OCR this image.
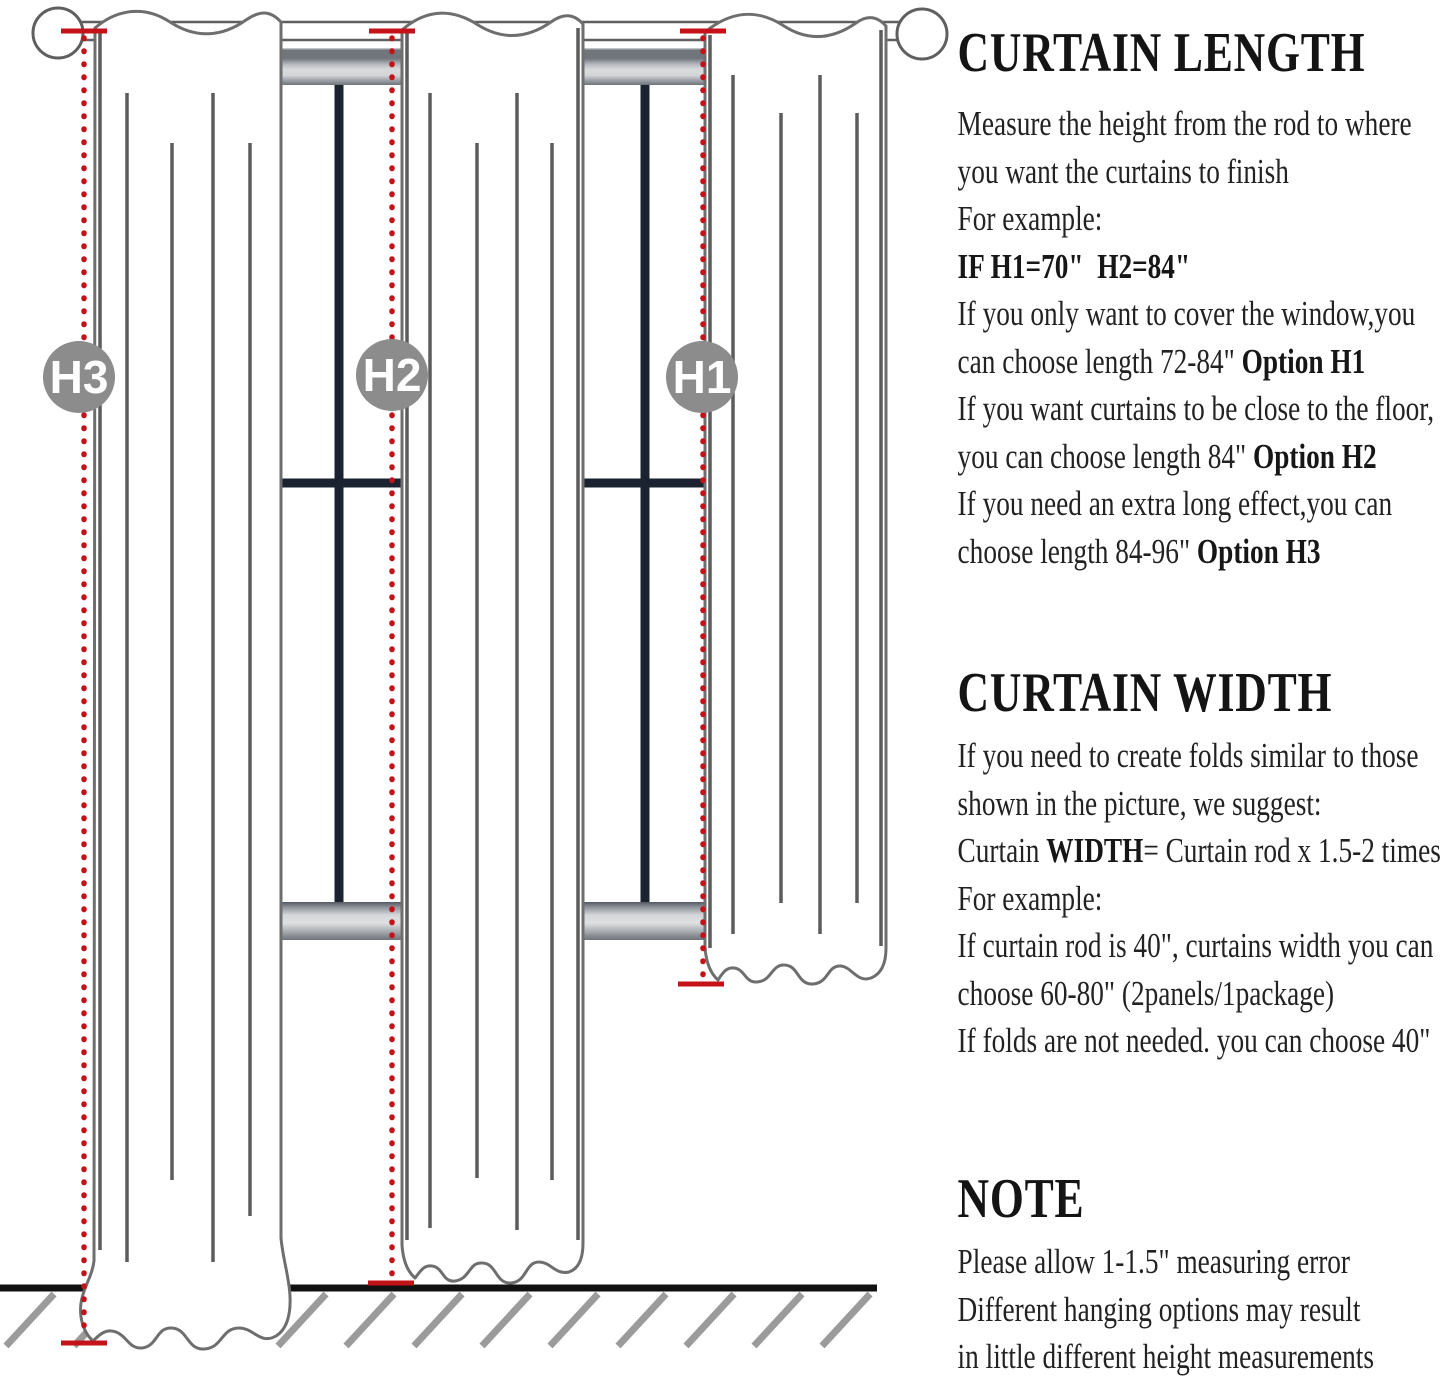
H3	H2	H1
CURTAIN LENGTH
Measure the height from the rod to where
you want the curtains to finish
For example:
IF H1=70"  H2=84"
If you only want to cover the window,you
can choose length 72-84" Option H1
If you want curtains to be close to the floor,
you can choose length 84" Option H2
If you need an extra long effect,you can
choose length 84-96" Option H3
CURTAIN WIDTH
If you need to create folds similar to those
shown in the picture, we suggest:
Curtain WIDTH= Curtain rod x 1.5-2 times
For example:
If curtain rod is 40", curtains width you can
choose 60-80" (2panels/1package)
If folds are not needed. you can choose 40"
NOTE
Please allow 1-1.5" measuring error
Different hanging options may result
in little different height measurements
